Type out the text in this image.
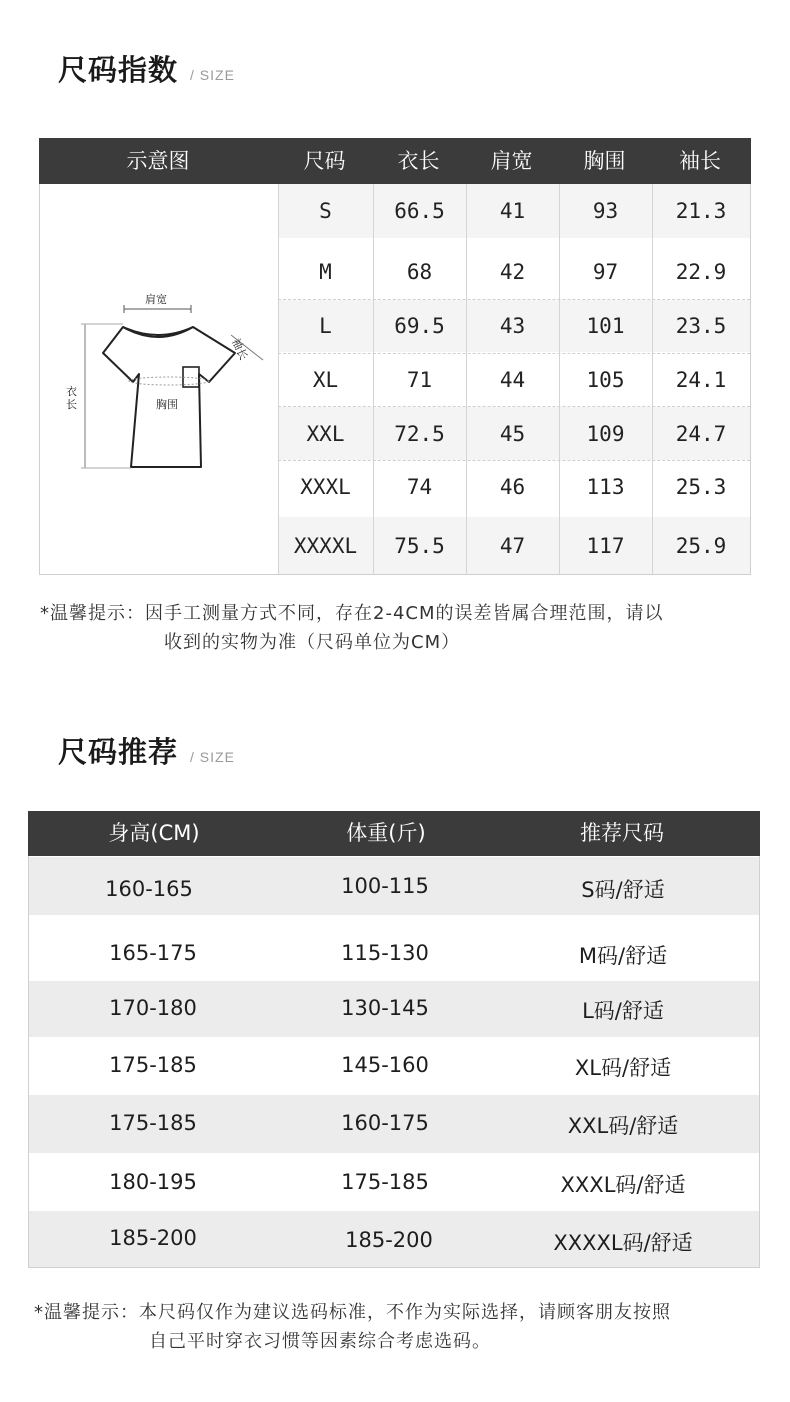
尺码指数 / SIZE
示意图	尺码	衣长	肩宽	胸围	袖长
肩宽
袖长
衣长	胸围
S	66.5	41	93	21.3
M	68	42	97	22.9
L	69.5	43	101	23.5
XL	71	44	105	24.1
XXL	72.5	45	109	24.7
XXXL	74	46	113	25.3
XXXXL	75.5	47	117	25.9
*温馨提示：因手工测量方式不同，存在2-4CM的误差皆属合理范围，请以
收到的实物为准（尺码单位为CM）
尺码推荐 / SIZE
身高(CM)	体重(斤)	推荐尺码
160-165	100-115	S码/舒适
165-175	115-130	M码/舒适
170-180	130-145	L码/舒适
175-185	145-160	XL码/舒适
175-185	160-175	XXL码/舒适
180-195	175-185	XXXL码/舒适
185-200	185-200	XXXXL码/舒适
*温馨提示：本尺码仅作为建议选码标准，不作为实际选择，请顾客朋友按照
自己平时穿衣习惯等因素综合考虑选码。
